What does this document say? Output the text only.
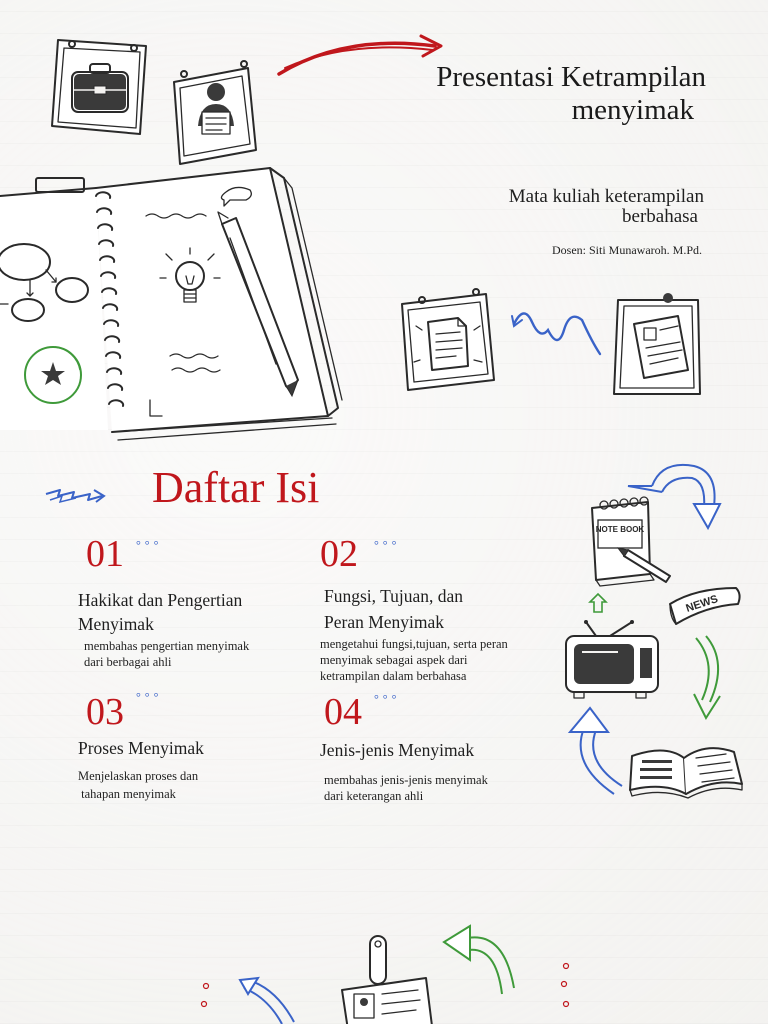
Presentasi Ketrampilan
menyimak
Mata kuliah keterampilan
berbahasa
Dosen: Siti Munawaroh. M.Pd.
Daftar Isi
01 °°°
Hakikat dan Pengertian
Menyimak
membahas pengertian menyimak
dari berbagai ahli
02 °°°
Fungsi, Tujuan, dan
Peran Menyimak
mengetahui fungsi,tujuan, serta peran
menyimak sebagai aspek dari
ketrampilan dalam berbahasa
03 °°°
Proses Menyimak
Menjelaskan proses dan
tahapan menyimak
04 °°°
Jenis-jenis Menyimak
membahas jenis-jenis menyimak
dari keterangan ahli
NOTE BOOK
NEWS
